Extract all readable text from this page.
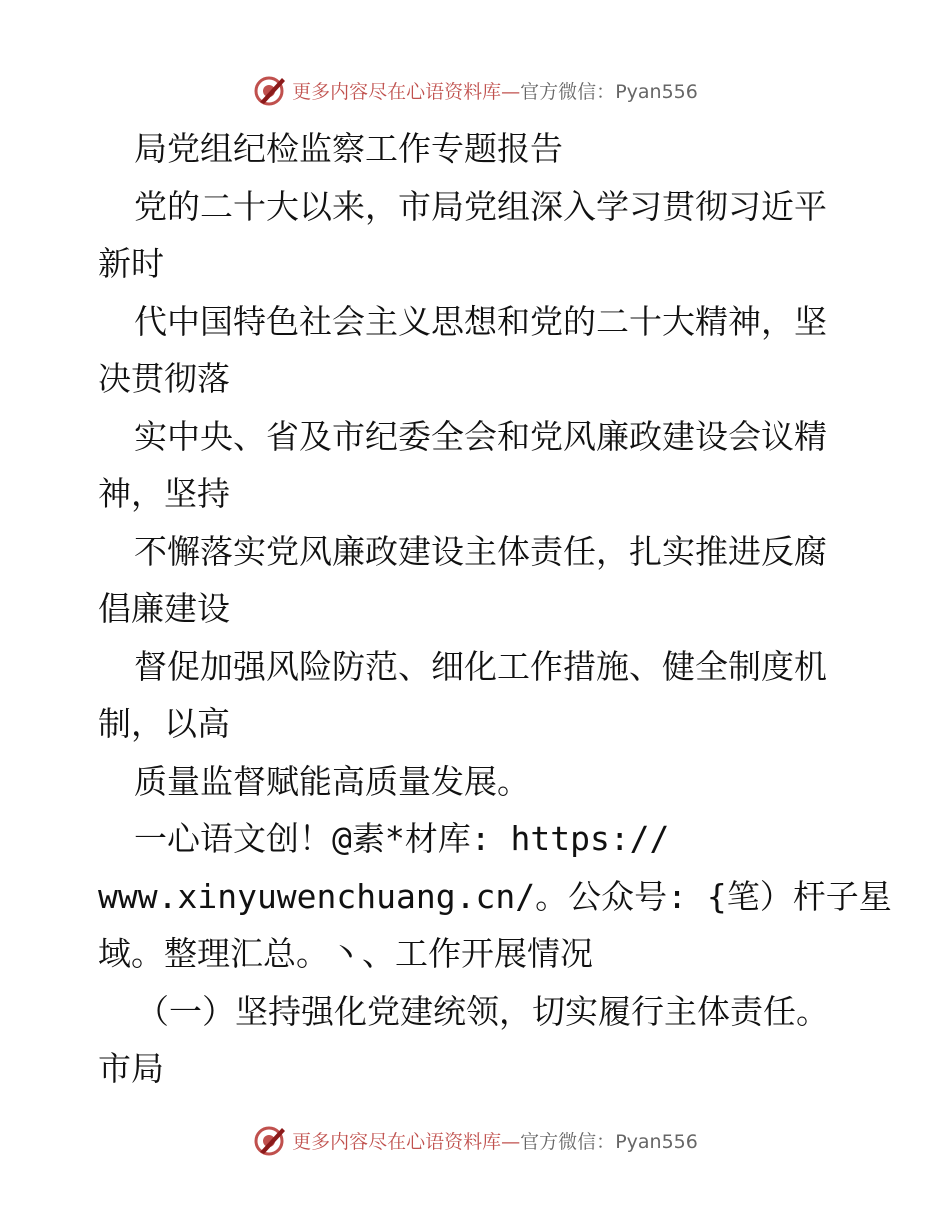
更多内容尽在心语资料库—官方微信：Pyan556
局党组纪检监察工作专题报告
党的二十大以来，市局党组深入学习贯彻习近平
新时
代中国特色社会主义思想和党的二十大精神，坚
决贯彻落
实中央、省及市纪委全会和党风廉政建设会议精
神，坚持
不懈落实党风廉政建设主体责任，扎实推进反腐
倡廉建设
督促加强风险防范、细化工作措施、健全制度机
制，以高
质量监督赋能高质量发展。
一心语文创！@素*材库: https://
www.xinyuwenchuang.cn/。公众号: {笔）杆子星
域。整理汇总。丶、工作开展情况
（一）坚持强化党建统领，切实履行主体责任。
市局
更多内容尽在心语资料库—官方微信：Pyan556
